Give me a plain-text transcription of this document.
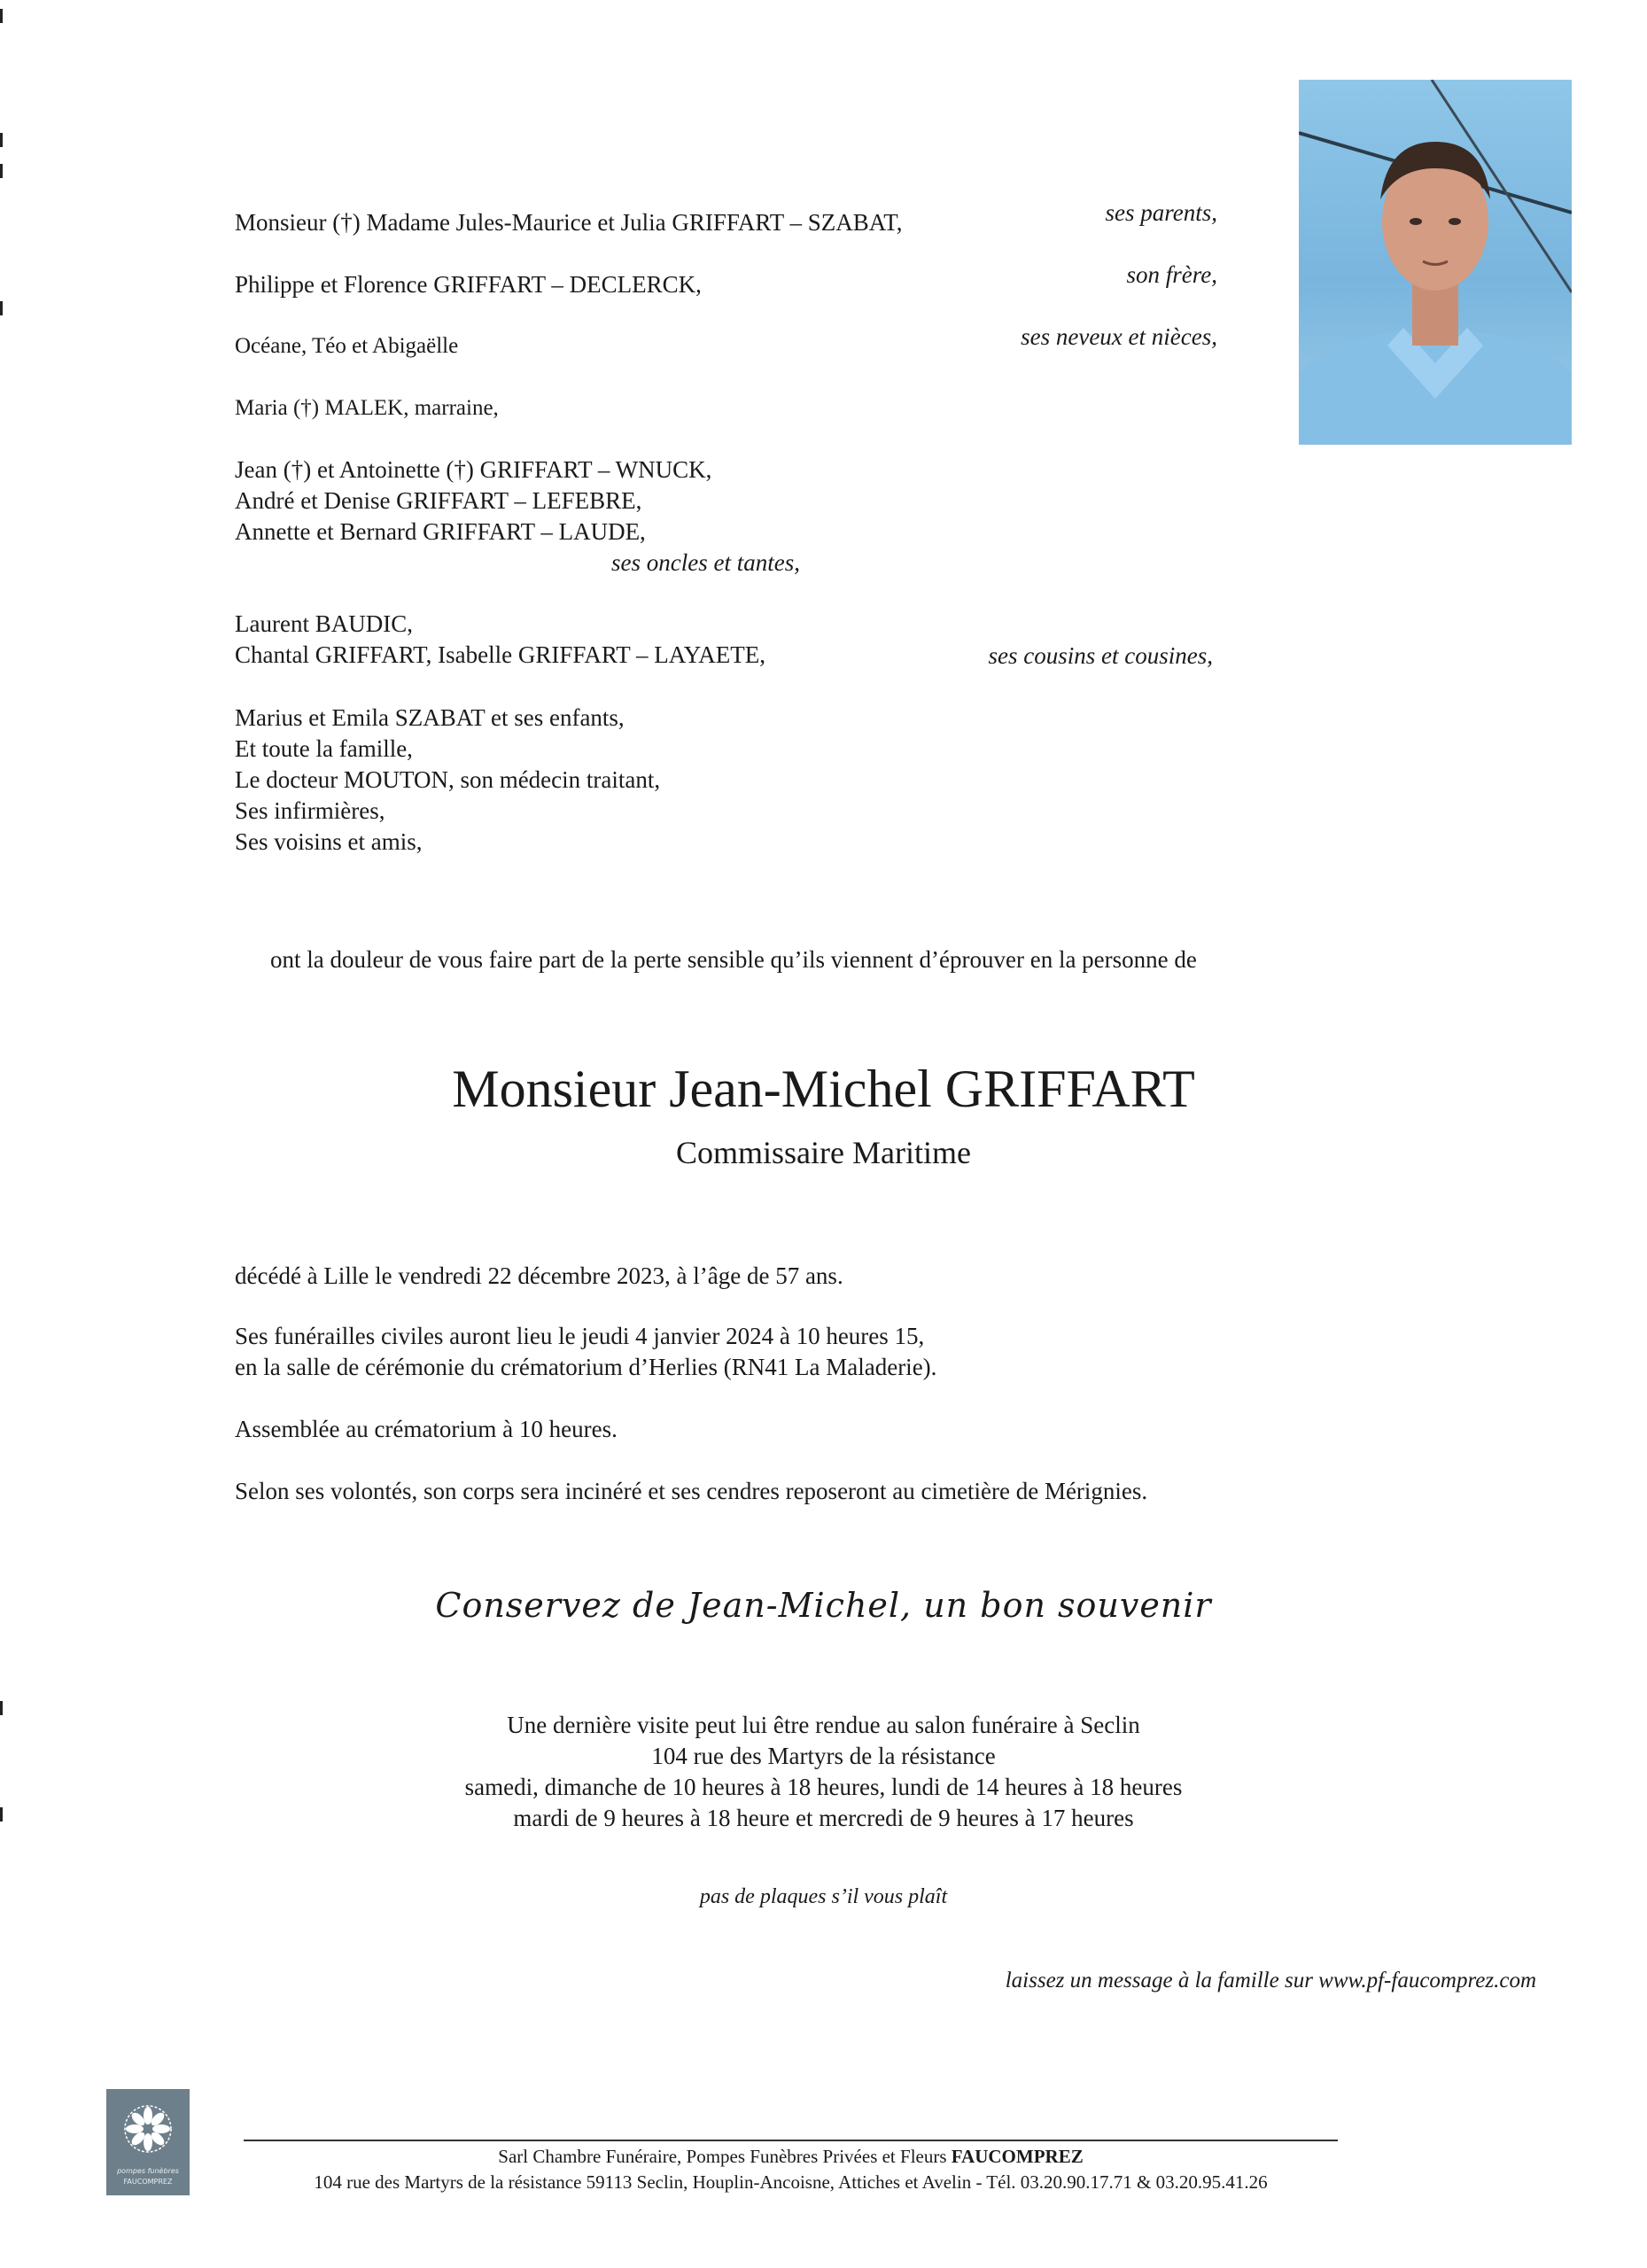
Monsieur (†) Madame Jules-Maurice et Julia GRIFFART – SZABAT,	ses parents,
Philippe et Florence GRIFFART – DECLERCK,	son frère,
Océane, Téo et Abigaëlle	ses neveux et nièces,
Maria (†) MALEK, marraine,
Jean (†) et Antoinette (†) GRIFFART – WNUCK,
André et Denise GRIFFART – LEFEBRE,
Annette et Bernard GRIFFART – LAUDE,
ses oncles et tantes,
Laurent BAUDIC,
Chantal GRIFFART, Isabelle GRIFFART – LAYAETE,	ses cousins et cousines,
Marius et Emila SZABAT et ses enfants,
Et toute la famille,
Le docteur MOUTON, son médecin traitant,
Ses infirmières,
Ses voisins et amis,
ont la douleur de vous faire part de la perte sensible qu’ils viennent d’éprouver en la personne de
Monsieur Jean-Michel GRIFFART
Commissaire Maritime
décédé à Lille le vendredi 22 décembre 2023, à l’âge de 57 ans.
Ses funérailles civiles auront lieu le jeudi 4 janvier 2024 à 10 heures 15,
en la salle de cérémonie du crématorium d’Herlies (RN41 La Maladerie).
Assemblée au crématorium à 10 heures.
Selon ses volontés, son corps sera incinéré et ses cendres reposeront au cimetière de Mérignies.
Conservez de Jean-Michel, un bon souvenir
Une dernière visite peut lui être rendue au salon funéraire à Seclin
104 rue des Martyrs de la résistance
samedi, dimanche de 10 heures à 18 heures, lundi de 14 heures à 18 heures
mardi de 9 heures à 18 heure et mercredi de 9 heures à 17 heures
pas de plaques s’il vous plaît
laissez un message à la famille sur www.pf-faucomprez.com
pompes funèbres
FAUCOMPREZ
Sarl Chambre Funéraire, Pompes Funèbres Privées et Fleurs FAUCOMPREZ
104 rue des Martyrs de la résistance 59113 Seclin, Houplin-Ancoisne, Attiches et Avelin - Tél. 03.20.90.17.71 & 03.20.95.41.26
